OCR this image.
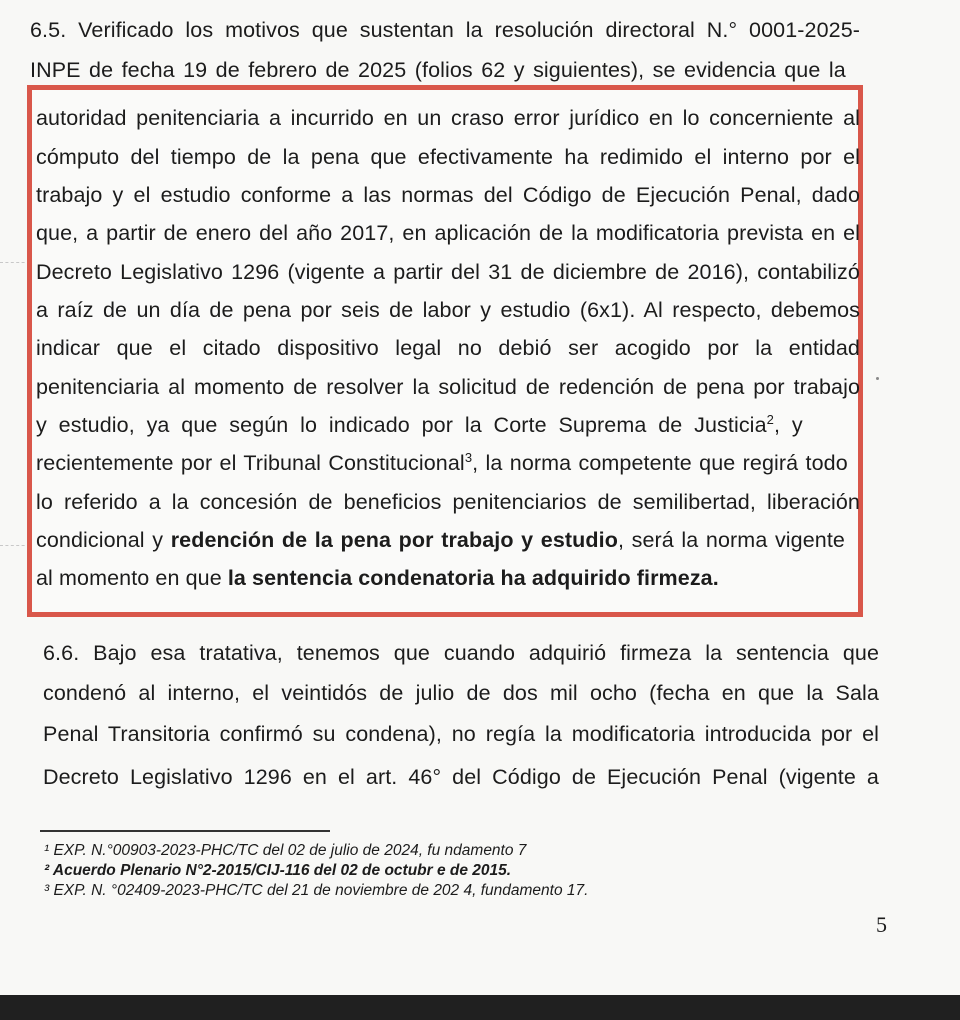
6.5. Verificado los motivos que sustentan la resolución directoral N.° 0001-2025-
INPE de fecha 19 de febrero de 2025 (folios 62 y siguientes), se evidencia que la
autoridad penitenciaria a incurrido en un craso error jurídico en lo concerniente al
cómputo del tiempo de la pena que efectivamente ha redimido el interno por el
trabajo y el estudio conforme a las normas del Código de Ejecución Penal, dado
que, a partir de enero del año 2017, en aplicación de la modificatoria prevista en el
Decreto Legislativo 1296 (vigente a partir del 31 de diciembre de 2016), contabilizó
a raíz de un día de pena por seis de labor y estudio (6x1). Al respecto, debemos
indicar que el citado dispositivo legal no debió ser acogido por la entidad
penitenciaria al momento de resolver la solicitud de redención de pena por trabajo
y estudio, ya que según lo indicado por la Corte Suprema de Justicia$^2$, y
recientemente por el Tribunal Constitucional$^3$, la norma competente que regirá todo
lo referido a la concesión de beneficios penitenciarios de semilibertad, liberación
condicional y redención de la pena por trabajo y estudio, será la norma vigente
al momento en que la sentencia condenatoria ha adquirido firmeza.
6.6. Bajo esa tratativa, tenemos que cuando adquirió firmeza la sentencia que
condenó al interno, el veintidós de julio de dos mil ocho (fecha en que la Sala
Penal Transitoria confirmó su condena), no regía la modificatoria introducida por el
Decreto Legislativo 1296 en el art. 46° del Código de Ejecución Penal (vigente a
¹ EXP. N.°00903-2023-PHC/TC del 02 de julio de 2024, fu ndamento 7
² Acuerdo Plenario N°2-2015/CIJ-116 del 02 de octubr e de 2015.
³ EXP. N. °02409-2023-PHC/TC del 21 de noviembre de 202 4, fundamento 17.
5
